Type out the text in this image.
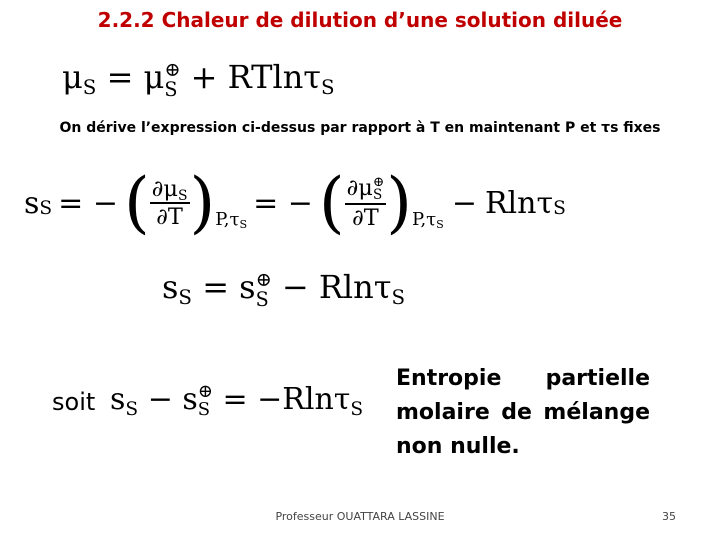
2.2.2 Chaleur de dilution d’une solution diluée
μS = μ ⊕
S + RTlnτS
On dérive l’expression ci-dessus par rapport à T en maintenant P et τs fixes
s S = − ( $\frac{\partial\mu S}{\partial T}$ ) P,τS
= − ( ∂μ ⊕
S
∂T ) P,τS
− Rlnτ S
sS = s ⊕
S − RlnτS
soit sS − s ⊕
S = −RlnτS
Entropie partielle molaire de mélange non nulle.
Professeur OUATTARA LASSINE	35
